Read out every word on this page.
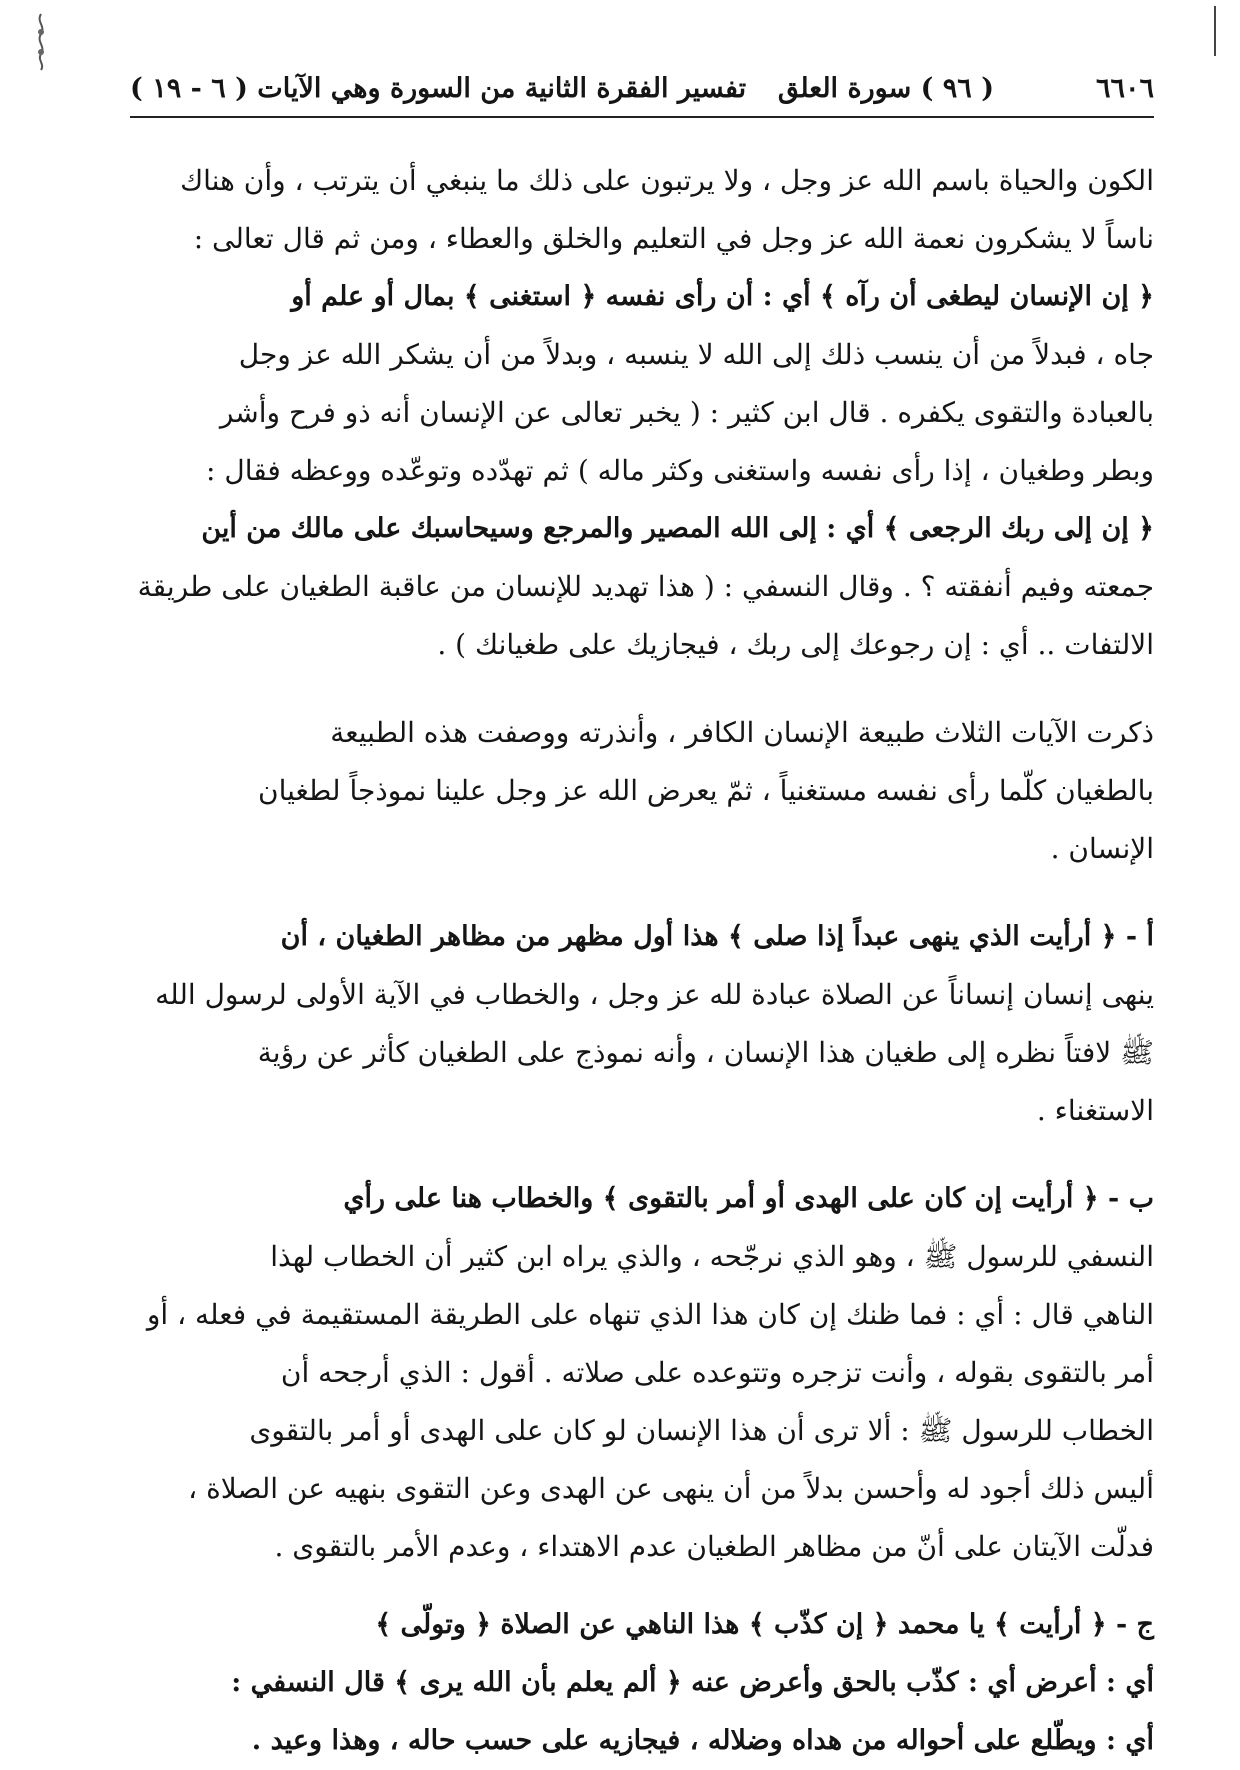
٦٦٠٦
( ٩٦ ) سورة العلق
تفسير الفقرة الثانية من السورة وهي الآيات ( ٦ - ١٩ )

الكون والحياة باسم الله عز وجل ، ولا يرتبون على ذلك ما ينبغي أن يترتب ، وأن هناك

ناساً لا يشكرون نعمة الله عز وجل في التعليم والخلق والعطاء ، ومن ثم قال تعالى :

﴿ إن الإنسان ليطغى أن رآه ﴾ أي : أن رأى نفسه ﴿ استغنى ﴾ بمال أو علم أو

جاه ، فبدلاً من أن ينسب ذلك إلى الله لا ينسبه ، وبدلاً من أن يشكر الله عز وجل

بالعبادة والتقوى يكفره . قال ابن كثير : ( يخبر تعالى عن الإنسان أنه ذو فرح وأشر

وبطر وطغيان ، إذا رأى نفسه واستغنى وكثر ماله ) ثم تهدّده وتوعّده ووعظه فقال :

﴿ إن إلى ربك الرجعى ﴾ أي : إلى الله المصير والمرجع وسيحاسبك على مالك من أين

جمعته وفيم أنفقته ؟ . وقال النسفي : ( هذا تهديد للإنسان من عاقبة الطغيان على طريقة

الالتفات .. أي : إن رجوعك إلى ربك ، فيجازيك على طغيانك ) .

ذكرت الآيات الثلاث طبيعة الإنسان الكافر ، وأنذرته ووصفت هذه الطبيعة

بالطغيان كلّما رأى نفسه مستغنياً ، ثمّ يعرض الله عز وجل علينا نموذجاً لطغيان

الإنسان .

أ - ﴿ أرأيت الذي ينهى عبداً إذا صلى ﴾ هذا أول مظهر من مظاهر الطغيان ، أن

ينهى إنسان إنساناً عن الصلاة عبادة لله عز وجل ، والخطاب في الآية الأولى لرسول الله

ﷺ لافتاً نظره إلى طغيان هذا الإنسان ، وأنه نموذج على الطغيان كأثر عن رؤية

الاستغناء .

ب - ﴿ أرأيت إن كان على الهدى أو أمر بالتقوى ﴾ والخطاب هنا على رأي

النسفي للرسول ﷺ ، وهو الذي نرجّحه ، والذي يراه ابن كثير أن الخطاب لهذا

الناهي قال : أي : فما ظنك إن كان هذا الذي تنهاه على الطريقة المستقيمة في فعله ، أو

أمر بالتقوى بقوله ، وأنت تزجره وتتوعده على صلاته . أقول : الذي أرجحه أن

الخطاب للرسول ﷺ : ألا ترى أن هذا الإنسان لو كان على الهدى أو أمر بالتقوى

أليس ذلك أجود له وأحسن بدلاً من أن ينهى عن الهدى وعن التقوى بنهيه عن الصلاة ،

فدلّت الآيتان على أنّ من مظاهر الطغيان عدم الاهتداء ، وعدم الأمر بالتقوى .

ج - ﴿ أرأيت ﴾ يا محمد ﴿ إن كذّب ﴾ هذا الناهي عن الصلاة ﴿ وتولّى ﴾

أي : أعرض أي : كذّب بالحق وأعرض عنه ﴿ ألم يعلم بأن الله يرى ﴾ قال النسفي :

أي : ويطّلع على أحواله من هداه وضلاله ، فيجازيه على حسب حاله ، وهذا وعيد .
